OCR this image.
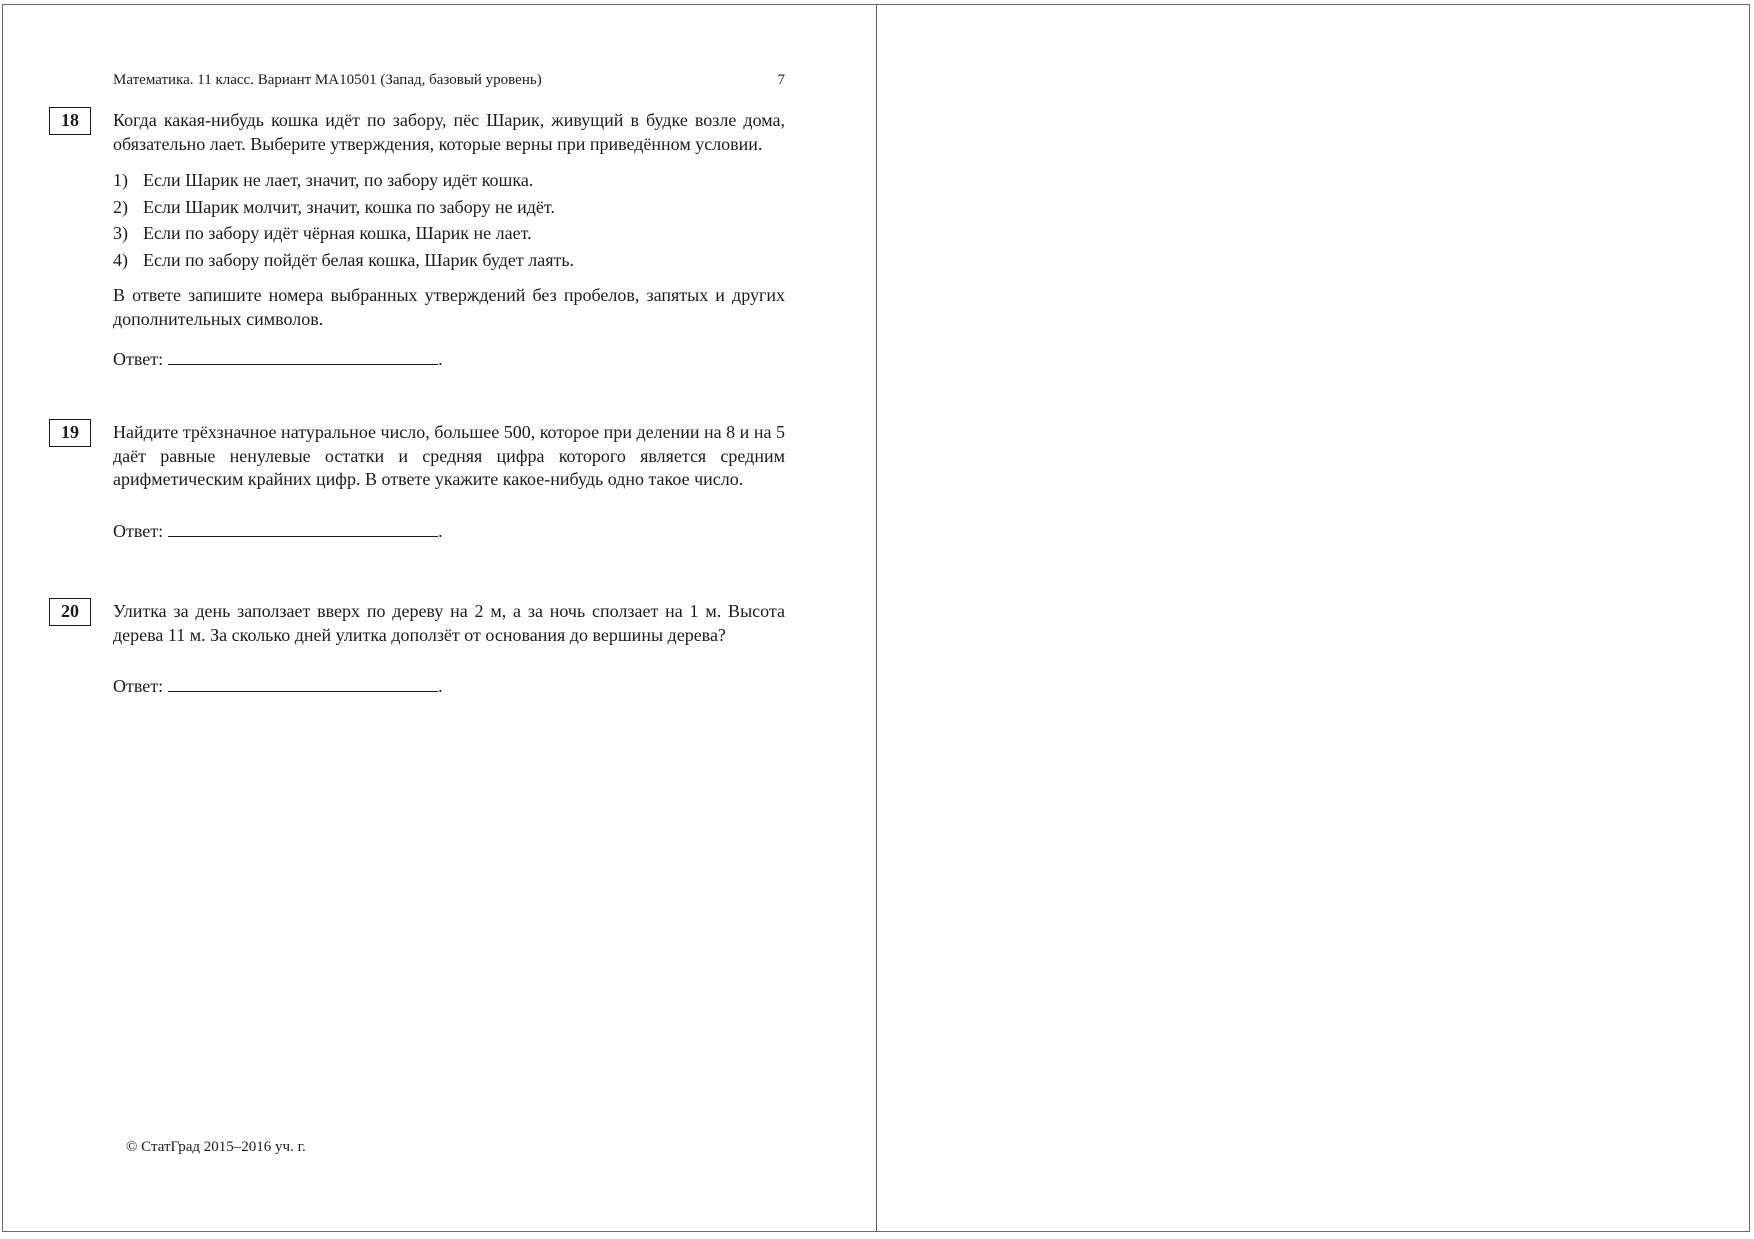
Математика. 11 класс. Вариант МА10501 (Запад, базовый уровень)	7
18	Когда какая-нибудь кошка идёт по забору, пёс Шарик, живущий в будке возле дома, обязательно лает. Выберите утверждения, которые верны при приведённом условии.

1) Если Шарик не лает, значит, по забору идёт кошка.
2) Если Шарик молчит, значит, кошка по забору не идёт.
3) Если по забору идёт чёрная кошка, Шарик не лает.
4) Если по забору пойдёт белая кошка, Шарик будет лаять.

В ответе запишите номера выбранных утверждений без пробелов, запятых и других дополнительных символов.

Ответ:	.

19	Найдите трёхзначное натуральное число, большее 500, которое при делении на 8 и на 5 даёт равные ненулевые остатки и средняя цифра которого является средним арифметическим крайних цифр. В ответе укажите какое-нибудь одно такое число.

Ответ:	.

20	Улитка за день заползает вверх по дереву на 2 м, а за ночь сползает на 1 м. Высота дерева 11 м. За сколько дней улитка доползёт от основания до вершины дерева?

Ответ:	.

© СтатГрад 2015–2016 уч. г.
